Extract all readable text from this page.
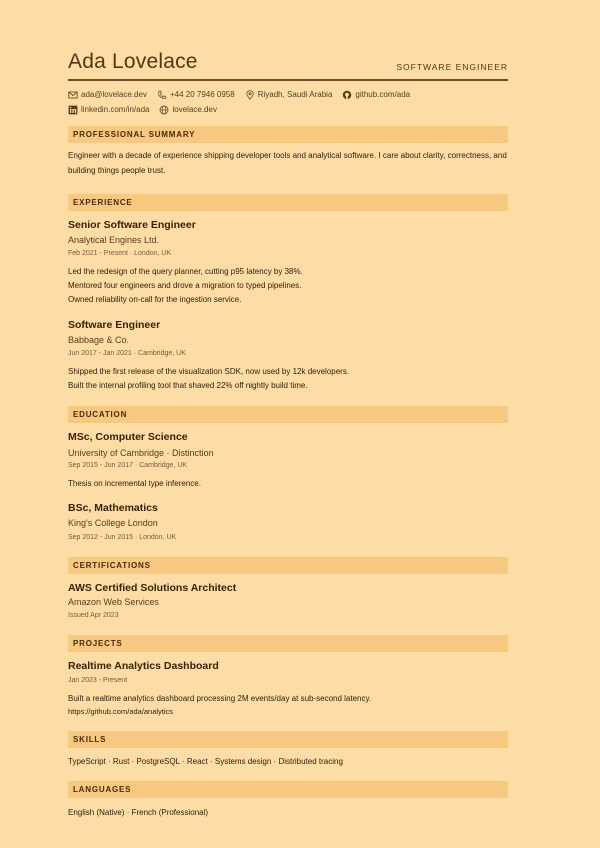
Ada Lovelace	SOFTWARE ENGINEER
ada@lovelace.dev	+44 20 7946 0958	Riyadh, Saudi Arabia	github.com/ada
linkedin.com/in/ada	lovelace.dev
PROFESSIONAL SUMMARY
Engineer with a decade of experience shipping developer tools and analytical software. I care about clarity, correctness, and building things people trust.
EXPERIENCE
Senior Software Engineer
Analytical Engines Ltd.
Feb 2021 - Present · London, UK
Led the redesign of the query planner, cutting p95 latency by 38%.
Mentored four engineers and drove a migration to typed pipelines.
Owned reliability on-call for the ingestion service.
Software Engineer
Babbage & Co.
Jun 2017 - Jan 2021 · Cambridge, UK
Shipped the first release of the visualization SDK, now used by 12k developers.
Built the internal profiling tool that shaved 22% off nightly build time.
EDUCATION
MSc, Computer Science
University of Cambridge · Distinction
Sep 2015 - Jun 2017 · Cambridge, UK
Thesis on incremental type inference.
BSc, Mathematics
King's College London
Sep 2012 - Jun 2015 · London, UK
CERTIFICATIONS
AWS Certified Solutions Architect
Amazon Web Services
Issued Apr 2023
PROJECTS
Realtime Analytics Dashboard
Jan 2023 - Present
Built a realtime analytics dashboard processing 2M events/day at sub-second latency.
https://github.com/ada/analytics
SKILLS
TypeScript · Rust · PostgreSQL · React · Systems design · Distributed tracing
LANGUAGES
English (Native) · French (Professional)
